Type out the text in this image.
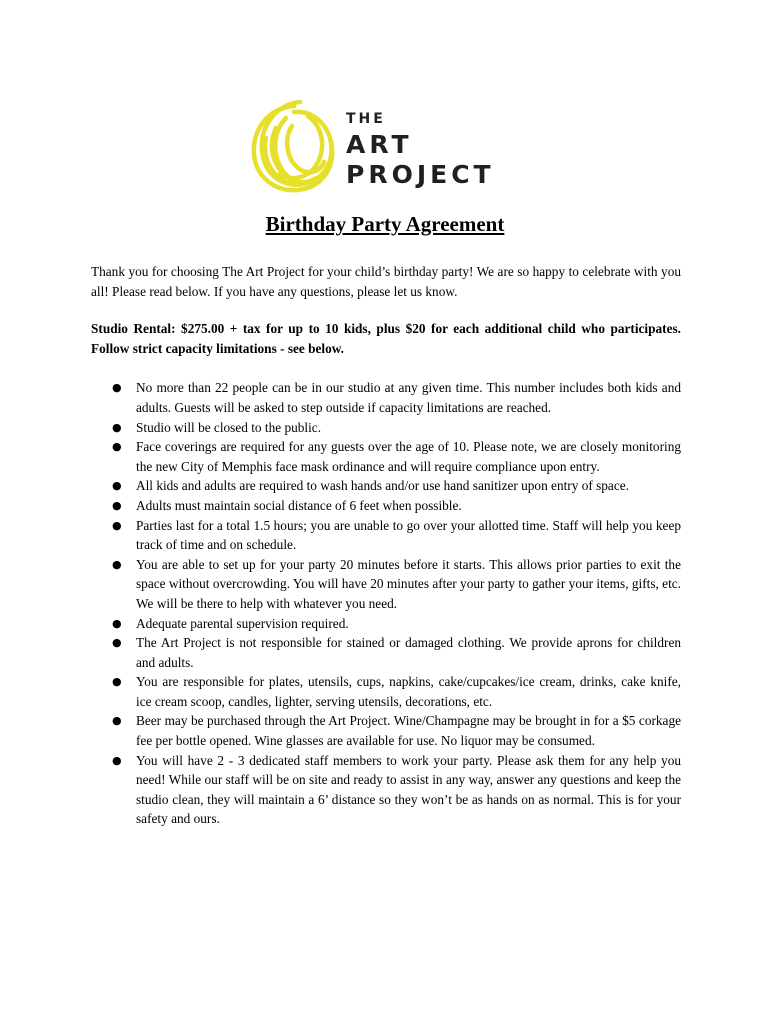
THE
ART
PROJECT
Birthday Party Agreement

Thank you for choosing The Art Project for your child’s birthday party! We are so happy to celebrate with you all! Please read below. If you have any questions, please let us know.

Studio Rental: $275.00 + tax for up to 10 kids, plus $20 for each additional child who participates. Follow strict capacity limitations - see below.

● No more than 22 people can be in our studio at any given time. This number includes both kids and adults. Guests will be asked to step outside if capacity limitations are reached.
● Studio will be closed to the public.
● Face coverings are required for any guests over the age of 10. Please note, we are closely monitoring the new City of Memphis face mask ordinance and will require compliance upon entry.
● All kids and adults are required to wash hands and/or use hand sanitizer upon entry of space.
● Adults must maintain social distance of 6 feet when possible.
● Parties last for a total 1.5 hours; you are unable to go over your allotted time. Staff will help you keep track of time and on schedule.
● You are able to set up for your party 20 minutes before it starts. This allows prior parties to exit the space without overcrowding. You will have 20 minutes after your party to gather your items, gifts, etc. We will be there to help with whatever you need.
● Adequate parental supervision required.
● The Art Project is not responsible for stained or damaged clothing. We provide aprons for children and adults.
● You are responsible for plates, utensils, cups, napkins, cake/cupcakes/ice cream, drinks, cake knife, ice cream scoop, candles, lighter, serving utensils, decorations, etc.
● Beer may be purchased through the Art Project. Wine/Champagne may be brought in for a $5 corkage fee per bottle opened. Wine glasses are available for use. No liquor may be consumed.
● You will have 2 - 3 dedicated staff members to work your party. Please ask them for any help you need! While our staff will be on site and ready to assist in any way, answer any questions and keep the studio clean, they will maintain a 6’ distance so they won’t be as hands on as normal. This is for your safety and ours.
